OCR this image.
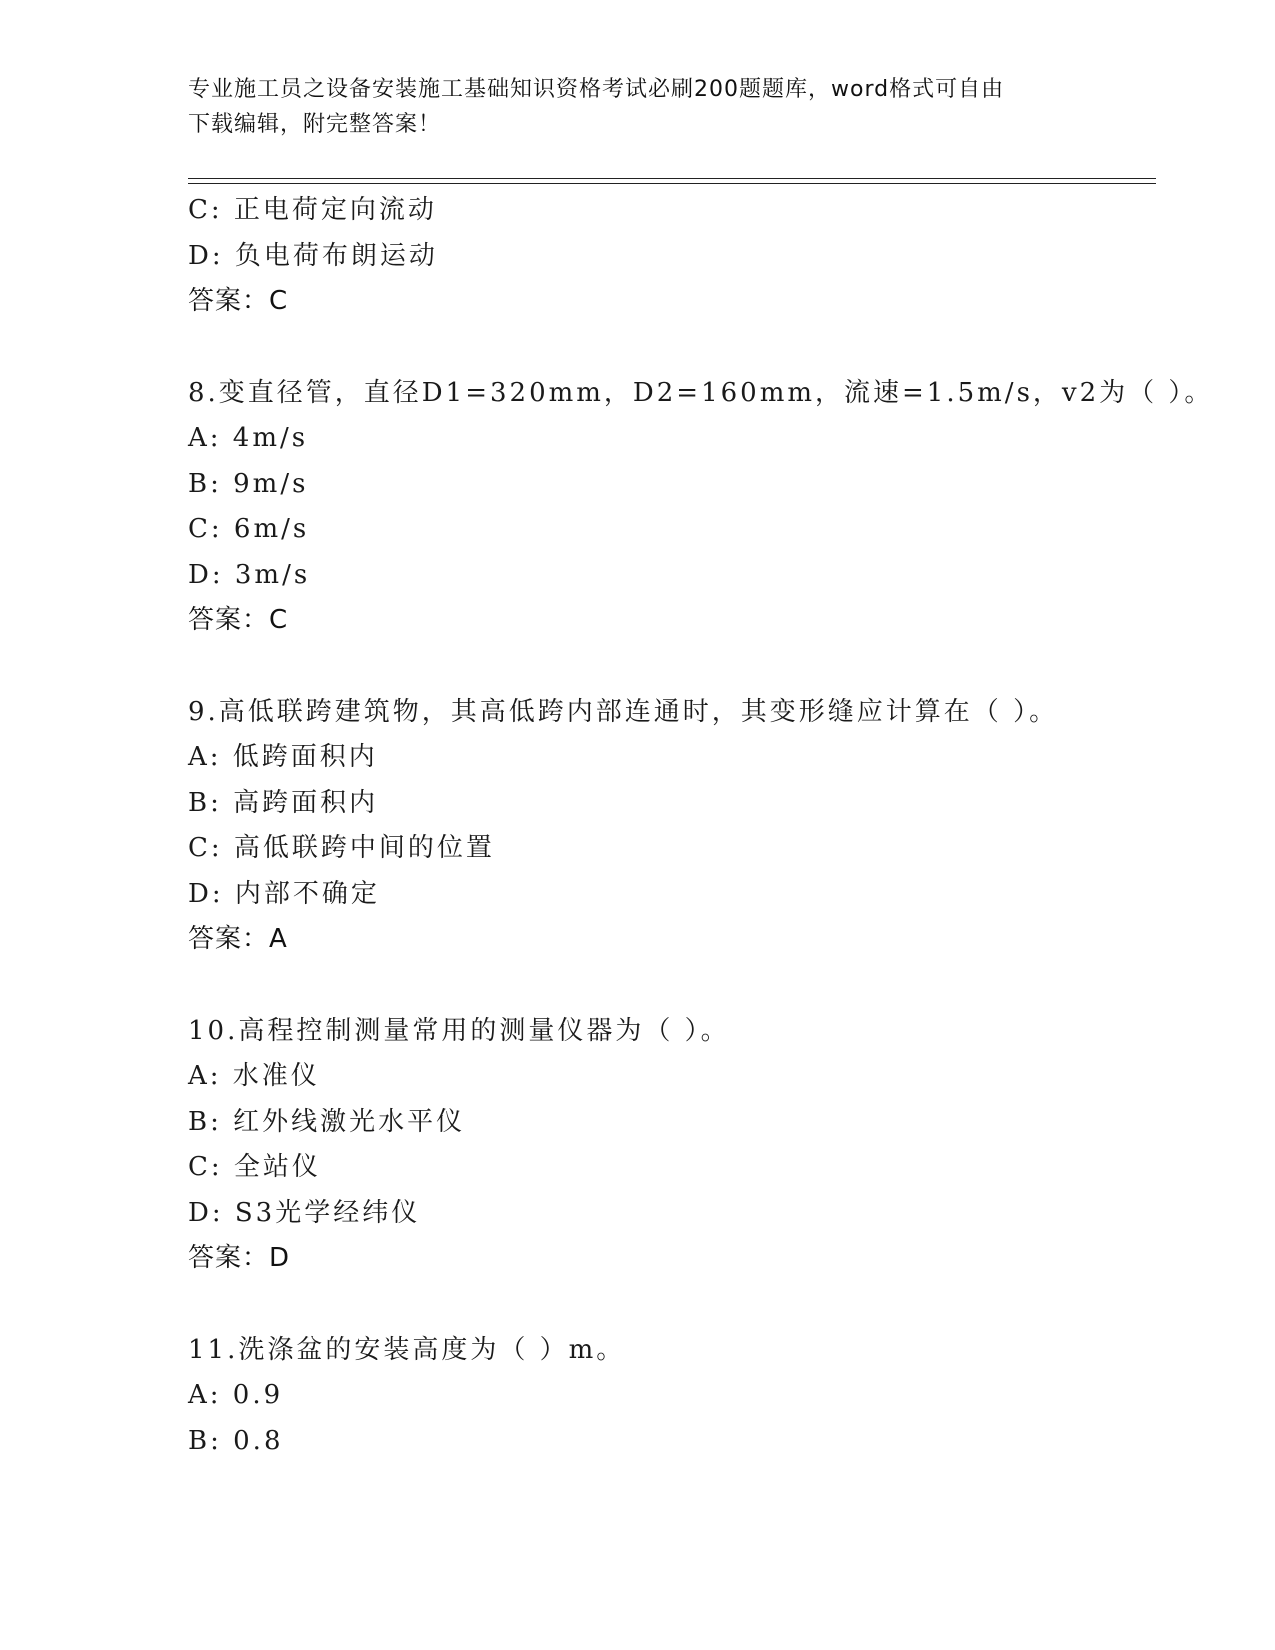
专业施工员之设备安装施工基础知识资格考试必刷200题题库，word格式可自由
下载编辑，附完整答案！
C: 正电荷定向流动
D: 负电荷布朗运动
答案：C
8.变直径管，直径D1=320mm，D2=160mm，流速=1.5m/s，v2为（ ）。
A: 4m/s
B: 9m/s
C: 6m/s
D: 3m/s
答案：C
9.高低联跨建筑物，其高低跨内部连通时，其变形缝应计算在（ ）。
A: 低跨面积内
B: 高跨面积内
C: 高低联跨中间的位置
D: 内部不确定
答案：A
10.高程控制测量常用的测量仪器为（ ）。
A: 水准仪
B: 红外线激光水平仪
C: 全站仪
D: S3光学经纬仪
答案：D
11.洗涤盆的安装高度为（ ）m。
A: 0.9
B: 0.8
